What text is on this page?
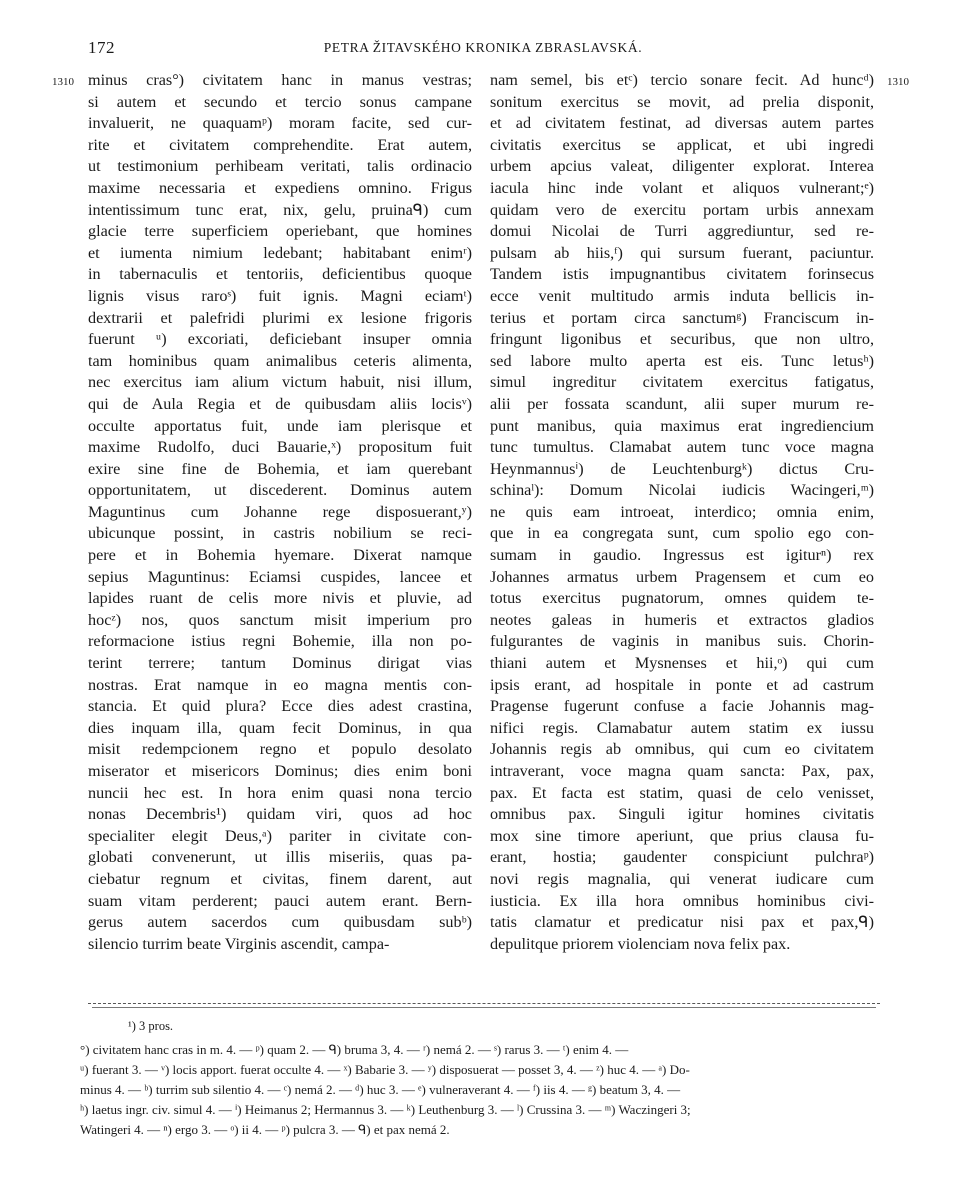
172	PETRA ŽITAVSKÉHO KRONIKA ZBRASLAVSKÁ.
1310	1310
minus cras°) civitatem hanc in manus vestras;
si autem et secundo et tercio sonus campane
invaluerit, ne quaquamᵖ) moram facite, sed cur-
rite et civitatem comprehendite. Erat autem,
ut testimonium perhibeam veritati, talis ordinacio
maxime necessaria et expediens omnino. Frigus
intentissimum tunc erat, nix, gelu, pruinaᑫ) cum
glacie terre superficiem operiebant, que homines
et iumenta nimium ledebant; habitabant enimʳ)
in tabernaculis et tentoriis, deficientibus quoque
lignis visus raroˢ) fuit ignis. Magni eciamᵗ)
dextrarii et palefridi plurimi ex lesione frigoris
fuerunt ᵘ) excoriati, deficiebant insuper omnia
tam hominibus quam animalibus ceteris alimenta,
nec exercitus iam alium victum habuit, nisi illum,
qui de Aula Regia et de quibusdam aliis locisᵛ)
occulte apportatus fuit, unde iam plerisque et
maxime Rudolfo, duci Bauarie,ˣ) propositum fuit
exire sine fine de Bohemia, et iam querebant
opportunitatem, ut discederent. Dominus autem
Maguntinus cum Johanne rege disposuerant,ʸ)
ubicunque possint, in castris nobilium se reci-
pere et in Bohemia hyemare. Dixerat namque
sepius Maguntinus: Eciamsi cuspides, lancee et
lapides ruant de celis more nivis et pluvie, ad
hocᶻ) nos, quos sanctum misit imperium pro
reformacione istius regni Bohemie, illa non po-
terint terrere; tantum Dominus dirigat vias
nostras. Erat namque in eo magna mentis con-
stancia. Et quid plura? Ecce dies adest crastina,
dies inquam illa, quam fecit Dominus, in qua
misit redempcionem regno et populo desolato
miserator et misericors Dominus; dies enim boni
nuncii hec est. In hora enim quasi nona tercio
nonas Decembris¹) quidam viri, quos ad hoc
specialiter elegit Deus,ᵃ) pariter in civitate con-
globati convenerunt, ut illis miseriis, quas pa-
ciebatur regnum et civitas, finem darent, aut
suam vitam perderent; pauci autem erant. Bern-
gerus autem sacerdos cum quibusdam subᵇ)
silencio turrim beate Virginis ascendit, campa-
nam semel, bis etᶜ) tercio sonare fecit. Ad huncᵈ)
sonitum exercitus se movit, ad prelia disponit,
et ad civitatem festinat, ad diversas autem partes
civitatis exercitus se applicat, et ubi ingredi
urbem apcius valeat, diligenter explorat. Interea
iacula hinc inde volant et aliquos vulnerant;ᵉ)
quidam vero de exercitu portam urbis annexam
domui Nicolai de Turri aggrediuntur, sed re-
pulsam ab hiis,ᶠ) qui sursum fuerant, paciuntur.
Tandem istis impugnantibus civitatem forinsecus
ecce venit multitudo armis induta bellicis in-
terius et portam circa sanctumᵍ) Franciscum in-
fringunt ligonibus et securibus, que non ultro,
sed labore multo aperta est eis. Tunc letusʰ)
simul ingreditur civitatem exercitus fatigatus,
alii per fossata scandunt, alii super murum re-
punt manibus, quia maximus erat ingrediencium
tunc tumultus. Clamabat autem tunc voce magna
Heynmannusⁱ) de Leuchtenburgᵏ) dictus Cru-
schinaˡ): Domum Nicolai iudicis Wacingeri,ᵐ)
ne quis eam introeat, interdico; omnia enim,
que in ea congregata sunt, cum spolio ego con-
sumam in gaudio. Ingressus est igiturⁿ) rex
Johannes armatus urbem Pragensem et cum eo
totus exercitus pugnatorum, omnes quidem te-
neotes galeas in humeris et extractos gladios
fulgurantes de vaginis in manibus suis. Chorin-
thiani autem et Mysnenses et hii,ᵒ) qui cum
ipsis erant, ad hospitale in ponte et ad castrum
Pragense fugerunt confuse a facie Johannis mag-
nifici regis. Clamabatur autem statim ex iussu
Johannis regis ab omnibus, qui cum eo civitatem
intraverant, voce magna quam sancta: Pax, pax,
pax. Et facta est statim, quasi de celo venisset,
omnibus pax. Singuli igitur homines civitatis
mox sine timore aperiunt, que prius clausa fu-
erant, hostia; gaudenter conspiciunt pulchraᵖ)
novi regis magnalia, qui venerat iudicare cum
iusticia. Ex illa hora omnibus hominibus civi-
tatis clamatur et predicatur nisi pax et pax,ᑫ)
depulitque priorem violenciam nova felix pax.
¹) 3 pros.
°) civitatem hanc cras in m. 4. — ᵖ) quam 2. — ᑫ) bruma 3, 4. — ʳ) nemá 2. — ˢ) rarus 3. — ᵗ) enim 4. —
ᵘ) fuerant 3. — ᵛ) locis apport. fuerat occulte 4. — ˣ) Babarie 3. — ʸ) disposuerat — posset 3, 4. — ᶻ) huc 4. — ᵃ) Do-
minus 4. — ᵇ) turrim sub silentio 4. — ᶜ) nemá 2. — ᵈ) huc 3. — ᵉ) vulneraverant 4. — ᶠ) iis 4. — ᵍ) beatum 3, 4. —
ʰ) laetus ingr. civ. simul 4. — ⁱ) Heimanus 2; Hermannus 3. — ᵏ) Leuthenburg 3. — ˡ) Crussina 3. — ᵐ) Waczingeri 3;
Watingeri 4. — ⁿ) ergo 3. — ᵒ) ii 4. — ᵖ) pulcra 3. — ᑫ) et pax nemá 2.
